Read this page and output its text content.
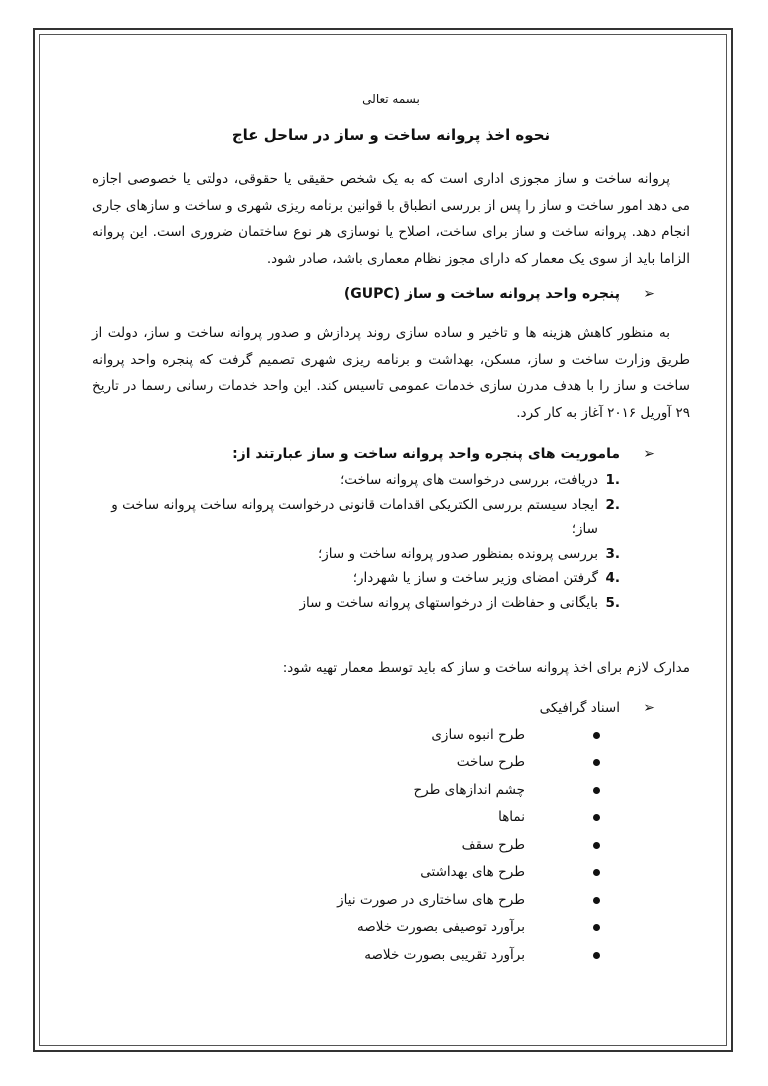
بسمه تعالی
نحوه اخذ پروانه ساخت و ساز در ساحل عاج

پروانه ساخت و ساز مجوزی اداری است که به یک شخص حقیقی یا حقوقی، دولتی یا خصوصی اجازه می دهد امور ساخت و ساز را پس از بررسی انطباق با قوانین برنامه ریزی شهری و ساخت و سازهای جاری انجام دهد. پروانه ساخت و ساز برای ساخت، اصلاح یا نوسازی هر نوع ساختمان ضروری است. این پروانه الزاما باید از سوی یک معمار که دارای مجوز نظام معماری باشد، صادر شود.

➢
پنجره واحد پروانه ساخت و ساز (GUPC)

به منظور کاهش هزینه ها و تاخیر و ساده سازی روند پردازش و صدور پروانه ساخت و ساز، دولت از طریق وزارت ساخت و ساز، مسکن، بهداشت و برنامه ریزی شهری تصمیم گرفت که پنجره واحد پروانه ساخت و ساز را با هدف مدرن سازی خدمات عمومی تاسیس کند. این واحد خدمات رسانی رسما در تاریخ ۲۹ آوریل ۲۰۱۶ آغاز به کار کرد.

➢
ماموریت های پنجره واحد پروانه ساخت و ساز عبارتند از:
.1
دریافت، بررسی درخواست های پروانه ساخت؛
.2
ایجاد سیستم بررسی الکتریکی اقدامات قانونی درخواست پروانه ساخت پروانه ساخت و ساز؛
.3
بررسی پرونده بمنظور صدور پروانه ساخت و ساز؛
.4
گرفتن امضای وزیر ساخت و ساز یا شهردار؛
.5
بایگانی و حفاظت از درخواستهای پروانه ساخت و ساز

مدارک لازم برای اخذ پروانه ساخت و ساز که باید توسط معمار تهیه شود:

➢
اسناد گرافیکی
طرح انبوه سازی
طرح ساخت
چشم اندازهای طرح
نماها
طرح سقف
طرح های بهداشتی
طرح های ساختاری در صورت نیاز
برآورد توصیفی بصورت خلاصه
برآورد تقریبی بصورت خلاصه
